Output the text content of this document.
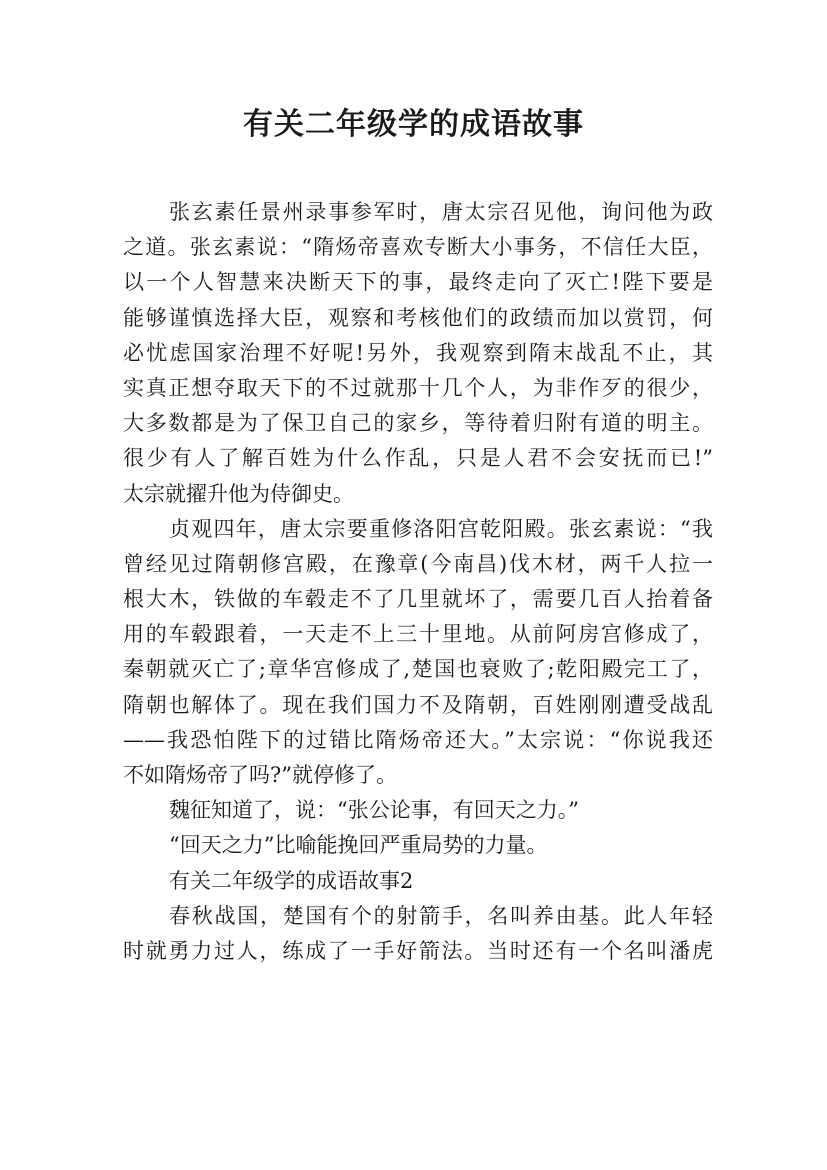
有关二年级学的成语故事
张玄素任景州录事参军时，唐太宗召见他，询问他为政
之道。张玄素说：“隋炀帝喜欢专断大小事务，不信任大臣，
以一个人智慧来决断天下的事，最终走向了灭亡!陛下要是
能够谨慎选择大臣，观察和考核他们的政绩而加以赏罚，何
必忧虑国家治理不好呢!另外，我观察到隋末战乱不止，其
实真正想夺取天下的不过就那十几个人，为非作歹的很少，
大多数都是为了保卫自己的家乡，等待着归附有道的明主。
很少有人了解百姓为什么作乱，只是人君不会安抚而已!”
太宗就擢升他为侍御史。
贞观四年，唐太宗要重修洛阳宫乾阳殿。张玄素说：“我
曾经见过隋朝修宫殿，在豫章(今南昌)伐木材，两千人拉一
根大木，铁做的车毂走不了几里就坏了，需要几百人抬着备
用的车毂跟着，一天走不上三十里地。从前阿房宫修成了，
秦朝就灭亡了;章华宫修成了,楚国也衰败了;乾阳殿完工了，
隋朝也解体了。现在我们国力不及隋朝，百姓刚刚遭受战乱
——我恐怕陛下的过错比隋炀帝还大。”太宗说：“你说我还
不如隋炀帝了吗?”就停修了。
魏征知道了，说：“张公论事，有回天之力。”
“回天之力”比喻能挽回严重局势的力量。
有关二年级学的成语故事2
春秋战国，楚国有个的射箭手，名叫养由基。此人年轻
时就勇力过人，练成了一手好箭法。当时还有一个名叫潘虎
